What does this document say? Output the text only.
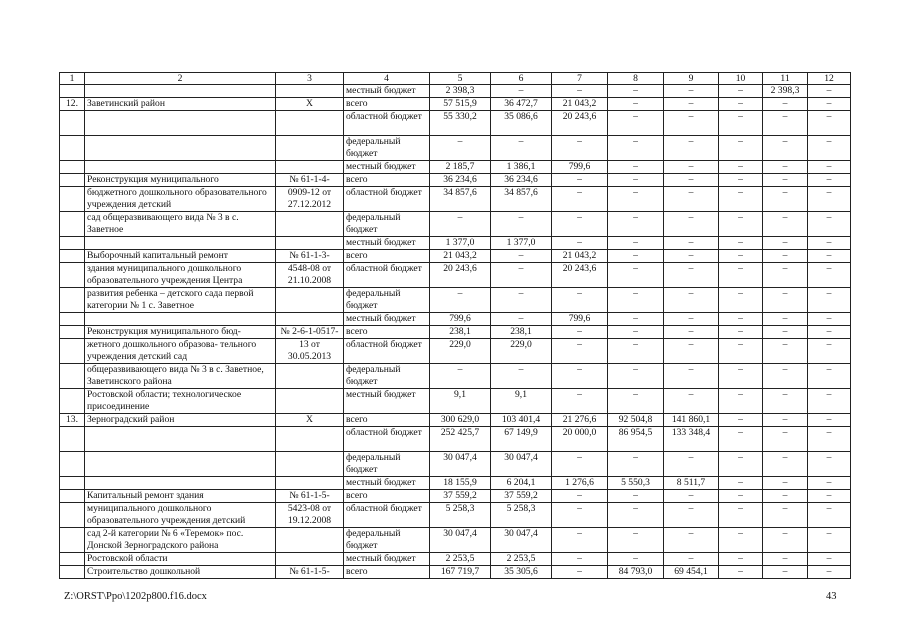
1	2	3	4	5	6	7	8	9	10	11	12
			местный бюджет	2 398,3	–	–	–	–	–	2 398,3	–
12.	Заветинский район	Х	всего	57 515,9	36 472,7	21 043,2	–	–	–	–	–
			областной бюджет	55 330,2	35 086,6	20 243,6	–	–	–	–	–
			федеральный бюджет	–	–	–	–	–	–	–	–
			местный бюджет	2 185,7	1 386,1	799,6	–	–	–	–	–
	Реконструкция муниципального	№ 61-1-4-	всего	36 234,6	36 234,6	–	–	–	–	–	–
	бюджетного дошкольного образовательного учреждения детский	0909-12 от 27.12.2012	областной бюджет	34 857,6	34 857,6	–	–	–	–	–	–
	сад общеразвивающего вида № 3 в с. Заветное		федеральный бюджет	–	–	–	–	–	–	–	–
			местный бюджет	1 377,0	1 377,0	–	–	–	–	–	–
	Выборочный капитальный ремонт	№ 61-1-3-	всего	21 043,2	–	21 043,2	–	–	–	–	–
	здания муниципального дошкольного образовательного учреждения Центра	4548-08 от 21.10.2008	областной бюджет	20 243,6	–	20 243,6	–	–	–	–	–
	развития ребенка – детского сада первой категории № 1 с. Заветное		федеральный бюджет	–	–	–	–	–	–	–	–
			местный бюджет	799,6	–	799,6	–	–	–	–	–
	Реконструкция муниципального бюд-	№ 2-6-1-0517-	всего	238,1	238,1	–	–	–	–	–	–
	жетного дошкольного образова- тельного учреждения детский сад	13 от 30.05.2013	областной бюджет	229,0	229,0	–	–	–	–	–	–
	общеразвивающего вида № 3 в с. Заветное, Заветинского района		федеральный бюджет	–	–	–	–	–	–	–	–
	Ростовской области; технологическое присоединение		местный бюджет	9,1	9,1	–	–	–	–	–	–
13.	Зерноградский район	Х	всего	300 629,0	103 401,4	21 276,6	92 504,8	141 860,1	–	–	–
			областной бюджет	252 425,7	67 149,9	20 000,0	86 954,5	133 348,4	–	–	–
			федеральный бюджет	30 047,4	30 047,4	–	–	–	–	–	–
			местный бюджет	18 155,9	6 204,1	1 276,6	5 550,3	8 511,7	–	–	–
	Капитальный ремонт здания	№ 61-1-5-	всего	37 559,2	37 559,2	–	–	–	–	–	–
	муниципального дошкольного образовательного учреждения детский	5423-08 от 19.12.2008	областной бюджет	5 258,3	5 258,3	–	–	–	–	–	–
	сад 2-й категории № 6 «Теремок» пос. Донской Зерноградского района		федеральный бюджет	30 047,4	30 047,4	–	–	–	–	–	–
	Ростовской области		местный бюджет	2 253,5	2 253,5	–	–	–	–	–	–
	Строительство дошкольной	№ 61-1-5-	всего	167 719,7	35 305,6	–	84 793,0	69 454,1	–	–	–
Z:\ORST\Ppo\1202p800.f16.docx	43
